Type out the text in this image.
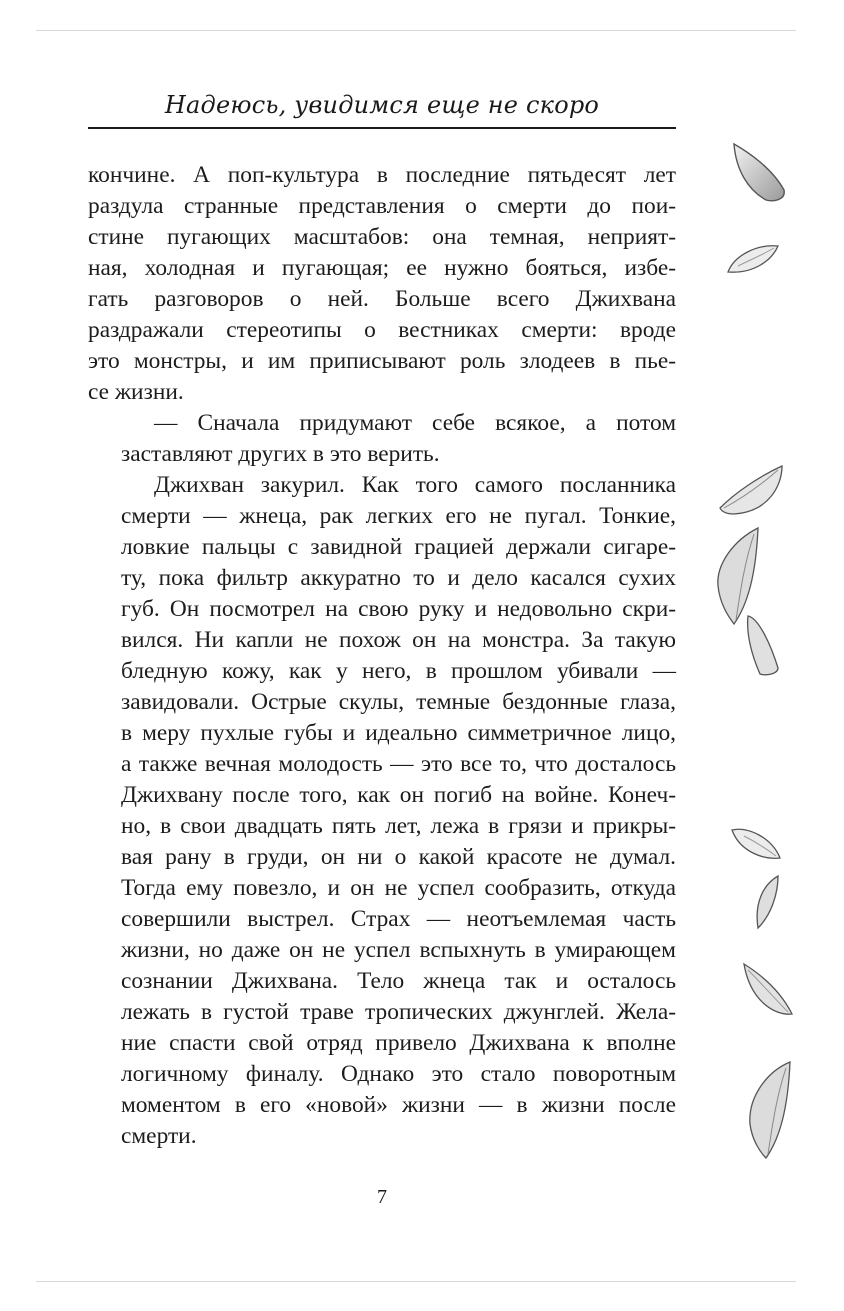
Надеюсь, увидимся еще не скоро

кончине. А поп-культура в последние пятьдесят лет
раздула странные представления о смерти до пои-
стине пугающих масштабов: она темная, неприят-
ная, холодная и пугающая; ее нужно бояться, избе-
гать разговоров о ней. Больше всего Джихвана
раздражали стереотипы о вестниках смерти: вроде
это монстры, и им приписывают роль злодеев в пье-
се жизни.

— Сначала придумают себе всякое, а потом
заставляют других в это верить.

Джихван закурил. Как того самого посланника
смерти — жнеца, рак легких его не пугал. Тонкие,
ловкие пальцы с завидной грацией держали сигаре-
ту, пока фильтр аккуратно то и дело касался сухих
губ. Он посмотрел на свою руку и недовольно скри-
вился. Ни капли не похож он на монстра. За такую
бледную кожу, как у него, в прошлом убивали —
завидовали. Острые скулы, темные бездонные глаза,
в меру пухлые губы и идеально симметричное лицо,
а также вечная молодость — это все то, что досталось
Джихвану после того, как он погиб на войне. Конеч-
но, в свои двадцать пять лет, лежа в грязи и прикры-
вая рану в груди, он ни о какой красоте не думал.
Тогда ему повезло, и он не успел сообразить, откуда
совершили выстрел. Страх — неотъемлемая часть
жизни, но даже он не успел вспыхнуть в умирающем
сознании Джихвана. Тело жнеца так и осталось
лежать в густой траве тропических джунглей. Жела-
ние спасти свой отряд привело Джихвана к вполне
логичному финалу. Однако это стало поворотным
моментом в его «новой» жизни — в жизни после
смерти.

7
